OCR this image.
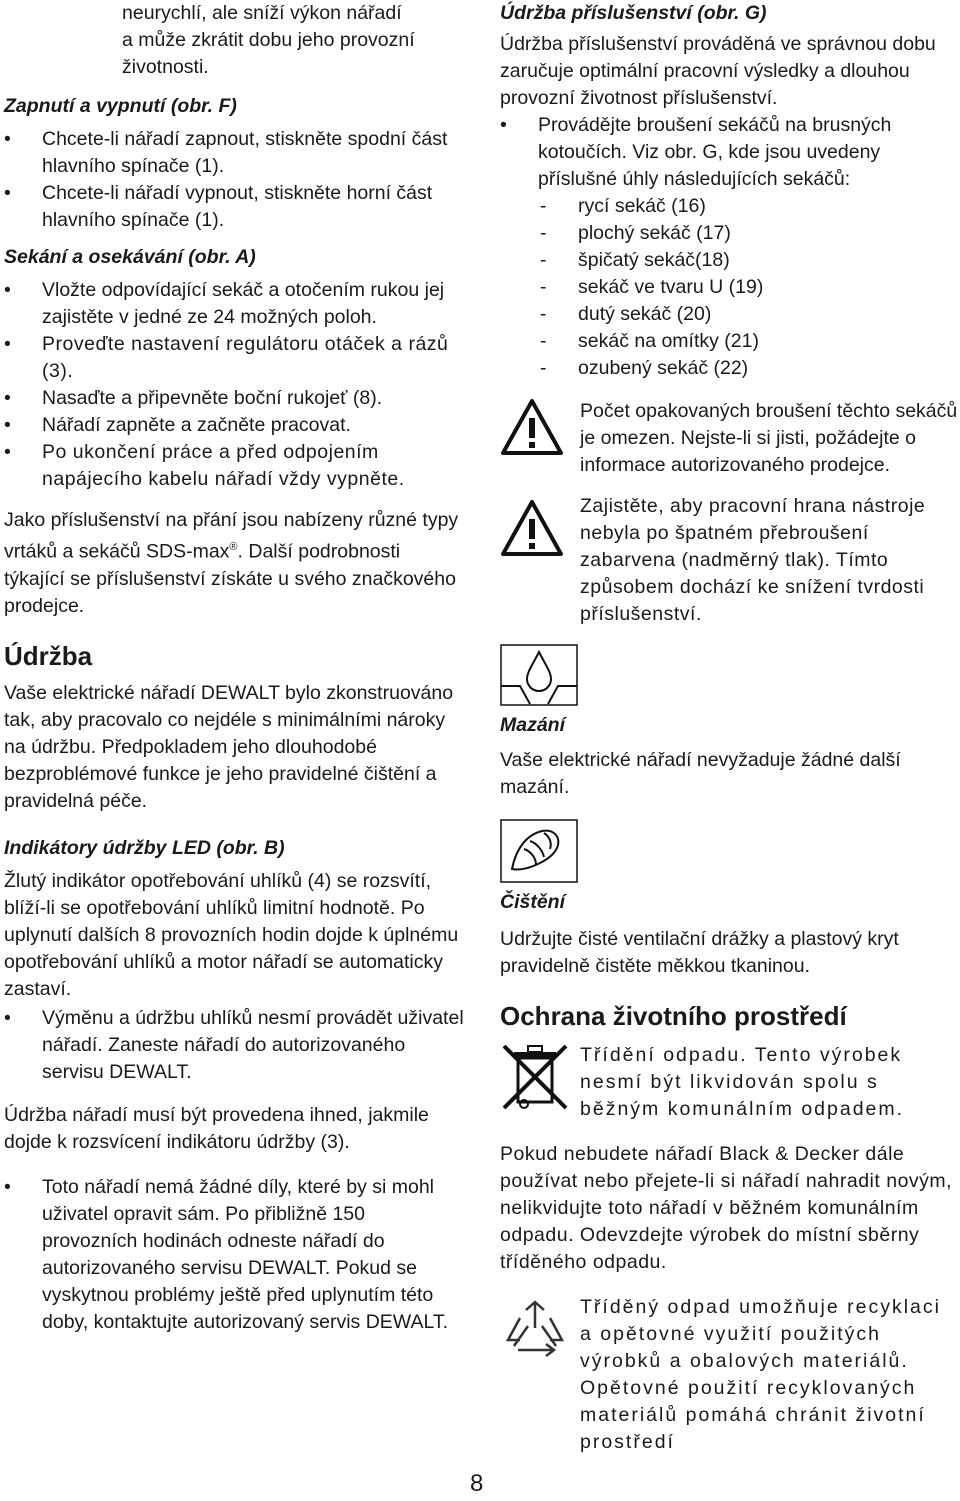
neurychlí, ale sníží výkon nářadí

a může zkrátit dobu jeho provozní

životnosti.

Zapnutí a vypnutí (obr. F)

• Chcete-li nářadí zapnout, stiskněte spodní část hlavního spínače (1).
• Chcete-li nářadí vypnout, stiskněte horní část hlavního spínače (1).

Sekání a osekávání (obr. A)

• Vložte odpovídající sekáč a otočením rukou jej zajistěte v jedné ze 24 možných poloh.
• Proveďte nastavení regulátoru otáček a rázů (3).
• Nasaďte a připevněte boční rukojeť (8).
• Nářadí zapněte a začněte pracovat.
• Po ukončení práce a před odpojením napájecího kabelu nářadí vždy vypněte.

Jako příslušenství na přání jsou nabízeny různé typy vrtáků a sekáčů SDS-max®. Další podrobnosti týkající se příslušenství získáte u svého značkového prodejce.

Údržba

Vaše elektrické nářadí DEWALT bylo zkonstruováno tak, aby pracovalo co nejdéle s minimálními nároky na údržbu. Předpokladem jeho dlouhodobé bezproblémové funkce je jeho pravidelné čištění a pravidelná péče.

Indikátory údržby LED (obr. B)

Žlutý indikátor opotřebování uhlíků (4) se rozsvítí, blíží-li se opotřebování uhlíků limitní hodnotě. Po uplynutí dalších 8 provozních hodin dojde k úplnému opotřebování uhlíků a motor nářadí se automaticky zastaví.

• Výměnu a údržbu uhlíků nesmí provádět uživatel nářadí. Zaneste nářadí do autorizovaného servisu DEWALT.

Údržba nářadí musí být provedena ihned, jakmile dojde k rozsvícení indikátoru údržby (3).

• Toto nářadí nemá žádné díly, které by si mohl uživatel opravit sám. Po přibližně 150 provozních hodinách odneste nářadí do autorizovaného servisu DEWALT. Pokud se vyskytnou problémy ještě před uplynutím této doby, kontaktujte autorizovaný servis DEWALT.

Údržba příslušenství (obr. G)

Údržba příslušenství prováděná ve správnou dobu zaručuje optimální pracovní výsledky a dlouhou provozní životnost příslušenství.

• Provádějte broušení sekáčů na brusných kotoučích. Viz obr. G, kde jsou uvedeny příslušné úhly následujících sekáčů:
- rycí sekáč (16)
- plochý sekáč (17)
- špičatý sekáč(18)
- sekáč ve tvaru U (19)
- dutý sekáč (20)
- sekáč na omítky (21)
- ozubený sekáč (22)

Počet opakovaných broušení těchto sekáčů je omezen. Nejste-li si jisti, požádejte o informace autorizovaného prodejce.

Zajistěte, aby pracovní hrana nástroje nebyla po špatném přebroušení zabarvena (nadměrný tlak). Tímto způsobem dochází ke snížení tvrdosti příslušenství.

Mazání

Vaše elektrické nářadí nevyžaduje žádné další mazání.

Čištění

Udržujte čisté ventilační drážky a plastový kryt pravidelně čistěte měkkou tkaninou.

Ochrana životního prostředí

Třídění odpadu. Tento výrobek nesmí být likvidován spolu s běžným komunálním odpadem.

Pokud nebudete nářadí Black & Decker dále používat nebo přejete-li si nářadí nahradit novým, nelikvidujte toto nářadí v běžném komunálním odpadu. Odevzdejte výrobek do místní sběrny tříděného odpadu.

Tříděný odpad umožňuje recyklaci a opětovné využití použitých výrobků a obalových materiálů. Opětovné použití recyklovaných materiálů pomáhá chránit životní prostředí

8
